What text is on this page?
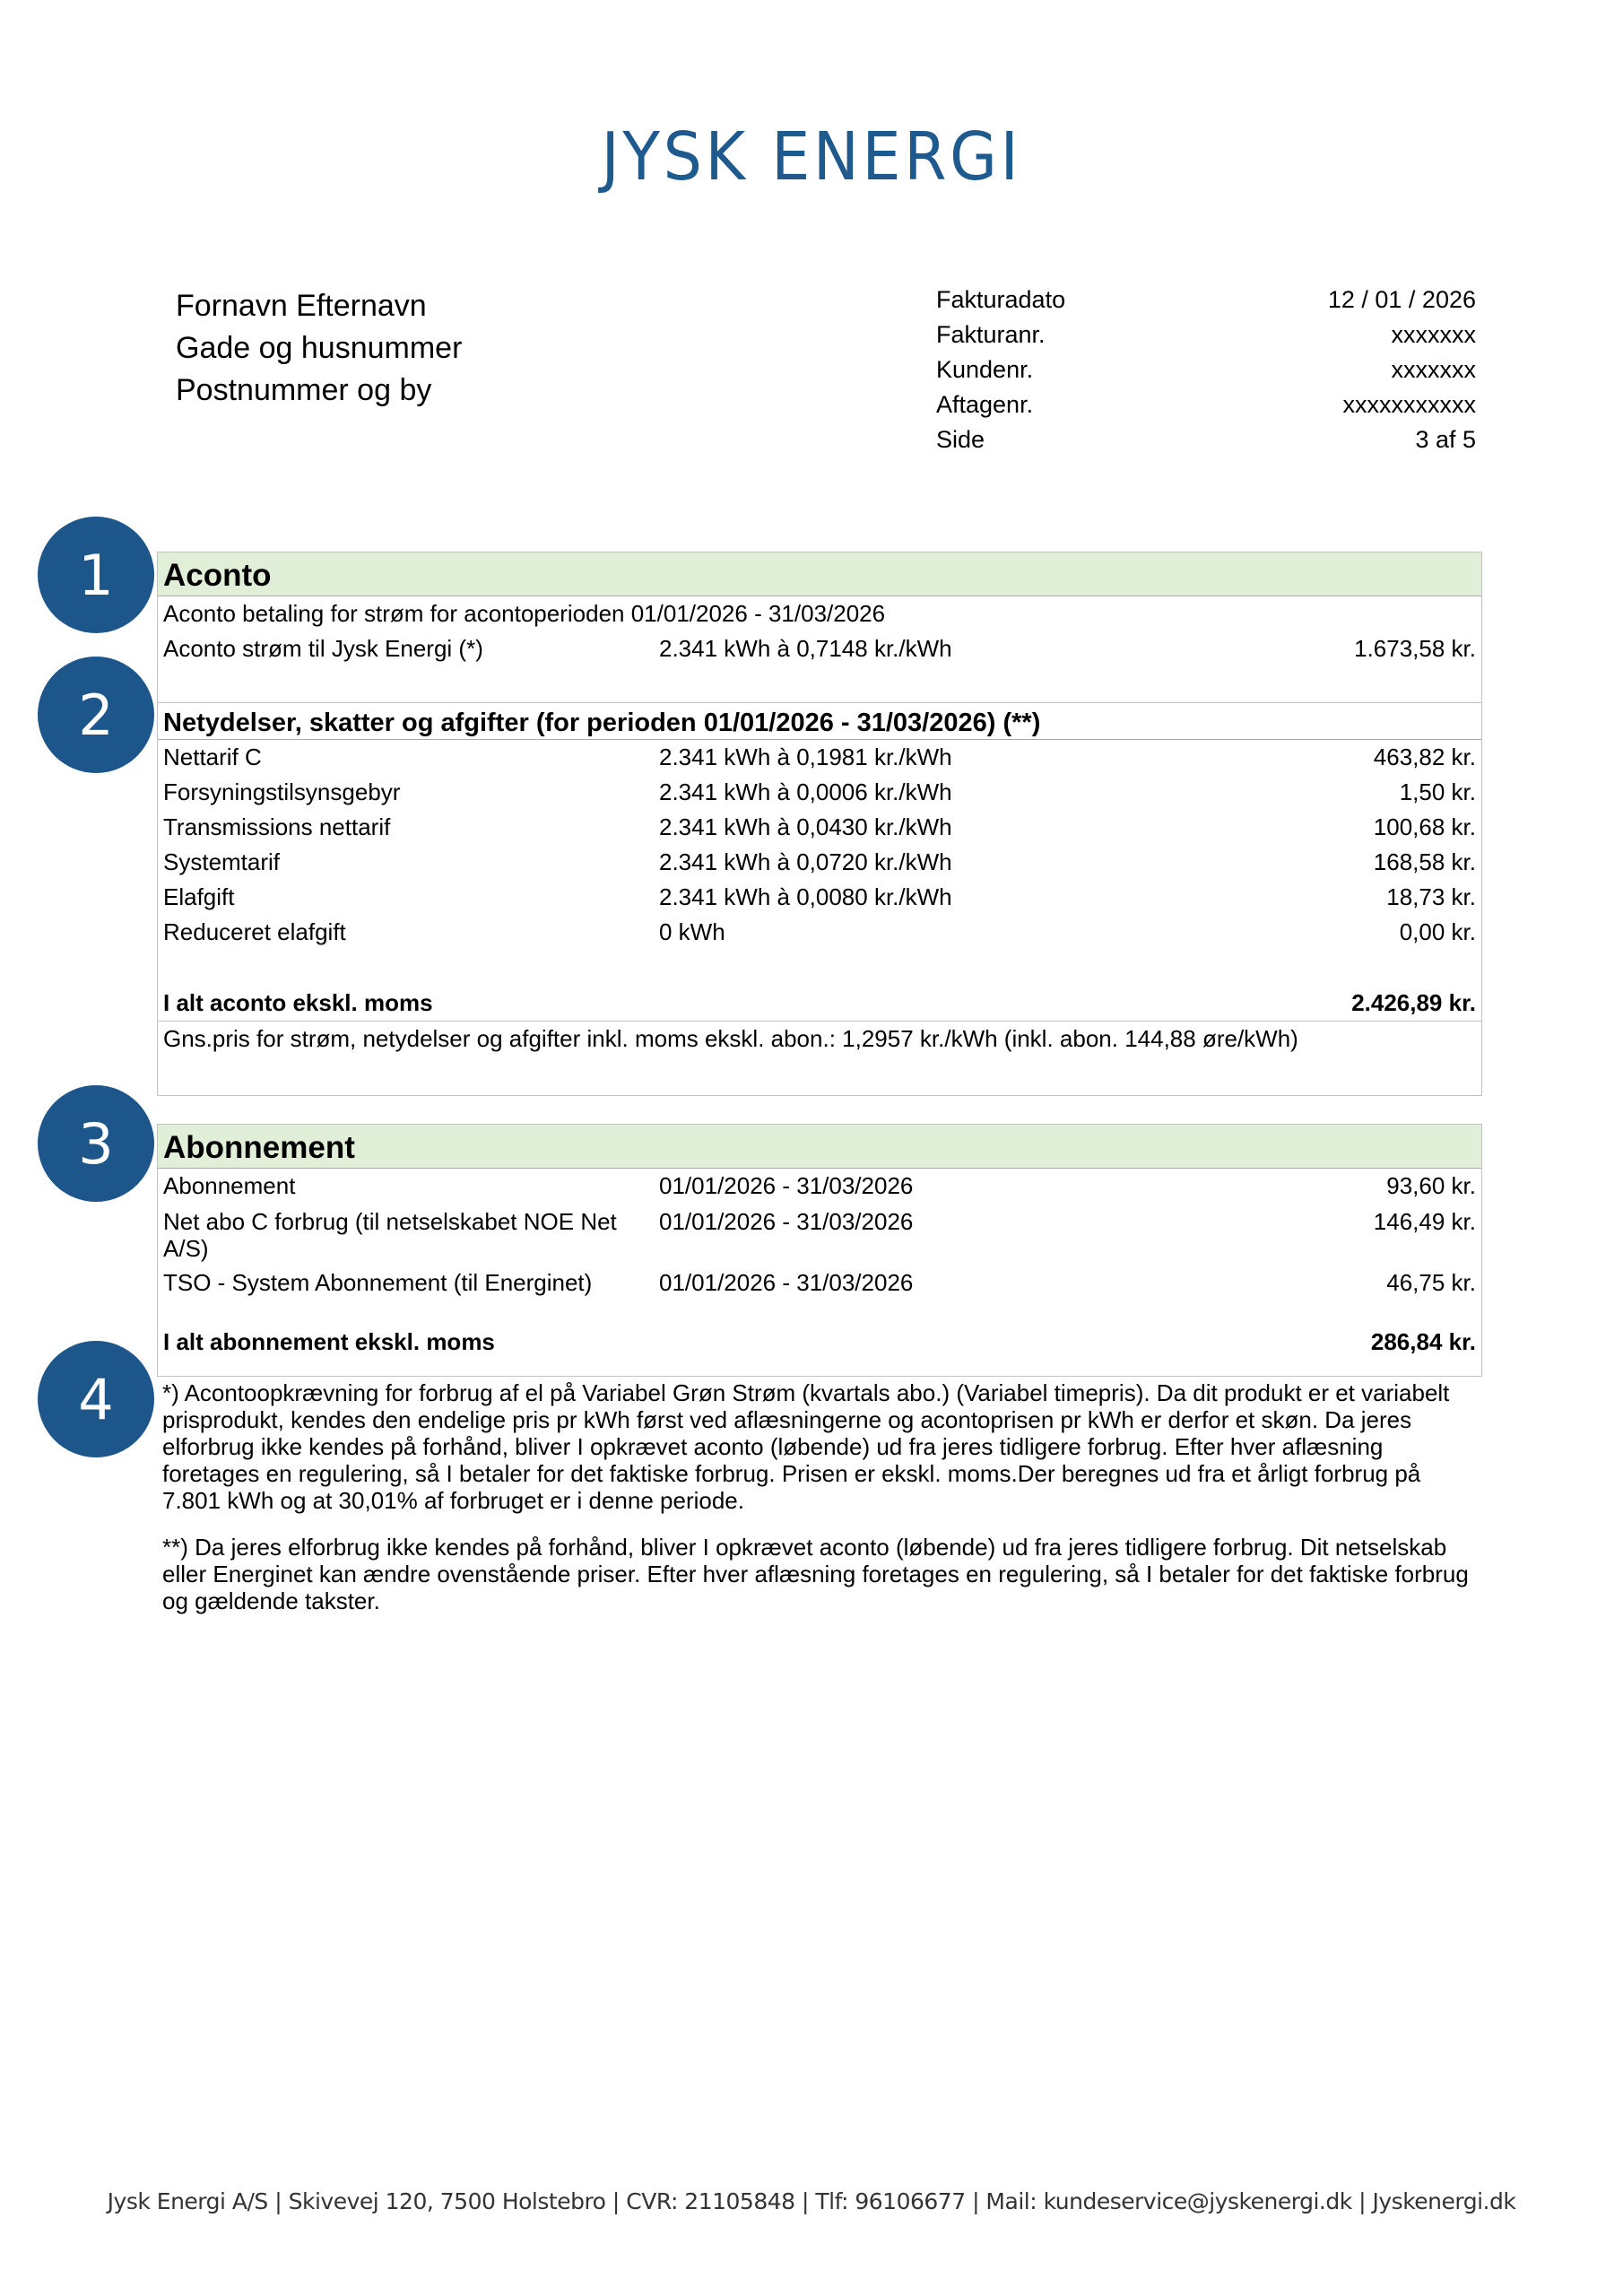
JYSK ENERGI
Fornavn Efternavn
Gade og husnummer
Postnummer og by
Fakturadato	12 / 01 / 2026
Fakturanr.	xxxxxxx
Kundenr.	xxxxxxx
Aftagenr.	xxxxxxxxxxx
Side	3 af 5
1
2
3
4
Aconto
Aconto betaling for strøm for acontoperioden 01/01/2026 - 31/03/2026
Aconto strøm til Jysk Energi (*)	2.341 kWh à 0,7148 kr./kWh	1.673,58 kr.
Netydelser, skatter og afgifter (for perioden 01/01/2026 - 31/03/2026) (**)
Nettarif C	2.341 kWh à 0,1981 kr./kWh	463,82 kr.
Forsyningstilsynsgebyr	2.341 kWh à 0,0006 kr./kWh	1,50 kr.
Transmissions nettarif	2.341 kWh à 0,0430 kr./kWh	100,68 kr.
Systemtarif	2.341 kWh à 0,0720 kr./kWh	168,58 kr.
Elafgift	2.341 kWh à 0,0080 kr./kWh	18,73 kr.
Reduceret elafgift	0 kWh	0,00 kr.
I alt aconto ekskl. moms	2.426,89 kr.
Gns.pris for strøm, netydelser og afgifter inkl. moms ekskl. abon.: 1,2957 kr./kWh (inkl. abon. 144,88 øre/kWh)
Abonnement
Abonnement	01/01/2026 - 31/03/2026	93,60 kr.
Net abo C forbrug (til netselskabet NOE Net A/S)
01/01/2026 - 31/03/2026	146,49 kr.
TSO - System Abonnement (til Energinet)	01/01/2026 - 31/03/2026	46,75 kr.
I alt abonnement ekskl. moms	286,84 kr.
*) Acontoopkrævning for forbrug af el på Variabel Grøn Strøm (kvartals abo.) (Variabel timepris). Da dit produkt er et variabelt prisprodukt, kendes den endelige pris pr kWh først ved aflæsningerne og acontoprisen pr kWh er derfor et skøn. Da jeres elforbrug ikke kendes på forhånd, bliver I opkrævet aconto (løbende) ud fra jeres tidligere forbrug. Efter hver aflæsning foretages en regulering, så I betaler for det faktiske forbrug. Prisen er ekskl. moms.Der beregnes ud fra et årligt forbrug på 7.801 kWh og at 30,01% af forbruget er i denne periode.
**) Da jeres elforbrug ikke kendes på forhånd, bliver I opkrævet aconto (løbende) ud fra jeres tidligere forbrug. Dit netselskab eller Energinet kan ændre ovenstående priser. Efter hver aflæsning foretages en regulering, så I betaler for det faktiske forbrug og gældende takster.
Jysk Energi A/S | Skivevej 120, 7500 Holstebro | CVR: 21105848 | Tlf: 96106677 | Mail: kundeservice@jyskenergi.dk | Jyskenergi.dk
